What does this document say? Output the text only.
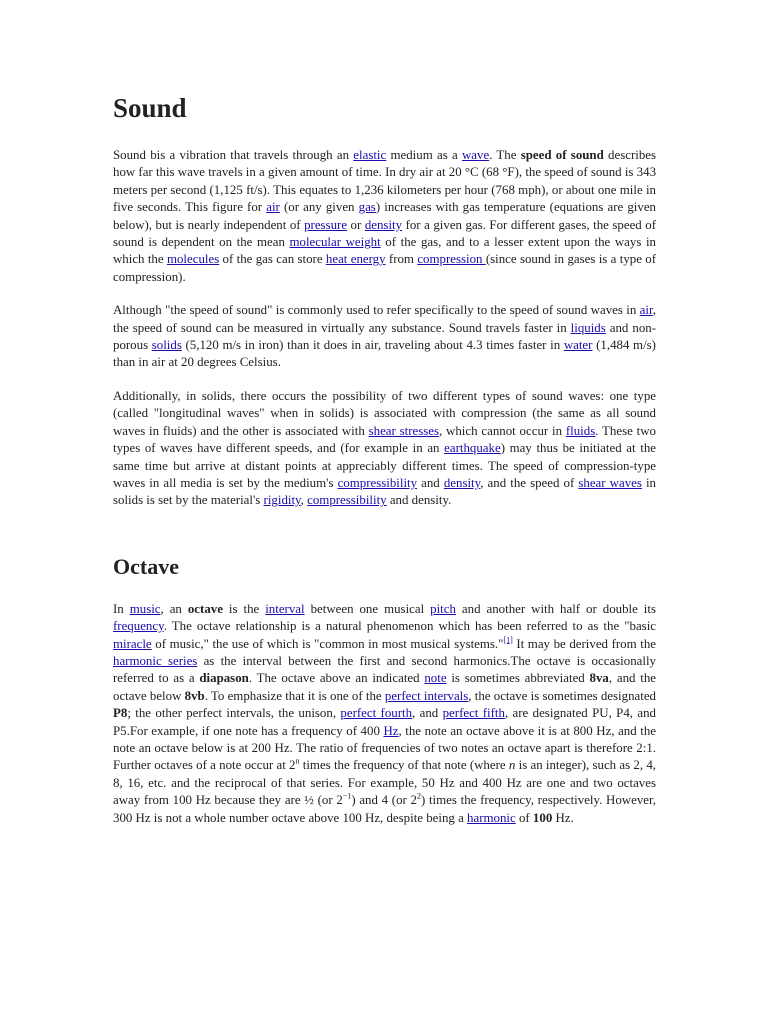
Sound

Sound bis a vibration that travels through an elastic medium as a wave. The speed of sound describes how far this wave travels in a given amount of time. In dry air at 20 °C (68 °F), the speed of sound is 343 meters per second (1,125 ft/s). This equates to 1,236 kilometers per hour (768 mph), or about one mile in five seconds. This figure for air (or any given gas) increases with gas temperature (equations are given below), but is nearly independent of pressure or density for a given gas. For different gases, the speed of sound is dependent on the mean molecular weight of the gas, and to a lesser extent upon the ways in which the molecules of the gas can store heat energy from compression (since sound in gases is a type of compression).

Although "the speed of sound" is commonly used to refer specifically to the speed of sound waves in air, the speed of sound can be measured in virtually any substance. Sound travels faster in liquids and non-porous solids (5,120 m/s in iron) than it does in air, traveling about 4.3 times faster in water (1,484 m/s) than in air at 20 degrees Celsius.

Additionally, in solids, there occurs the possibility of two different types of sound waves: one type (called "longitudinal waves" when in solids) is associated with compression (the same as all sound waves in fluids) and the other is associated with shear stresses, which cannot occur in fluids. These two types of waves have different speeds, and (for example in an earthquake) may thus be initiated at the same time but arrive at distant points at appreciably different times. The speed of compression-type waves in all media is set by the medium's compressibility and density, and the speed of shear waves in solids is set by the material's rigidity, compressibility and density.

Octave

In music, an octave is the interval between one musical pitch and another with half or double its frequency. The octave relationship is a natural phenomenon which has been referred to as the "basic miracle of music," the use of which is "common in most musical systems."[1] It may be derived from the harmonic series as the interval between the first and second harmonics.The octave is occasionally referred to as a diapason. The octave above an indicated note is sometimes abbreviated 8va, and the octave below 8vb. To emphasize that it is one of the perfect intervals, the octave is sometimes designated P8; the other perfect intervals, the unison, perfect fourth, and perfect fifth, are designated PU, P4, and P5.For example, if one note has a frequency of 400 Hz, the note an octave above it is at 800 Hz, and the note an octave below is at 200 Hz. The ratio of frequencies of two notes an octave apart is therefore 2:1. Further octaves of a note occur at 2$^n$ times the frequency of that note (where n is an integer), such as 2, 4, 8, 16, etc. and the reciprocal of that series. For example, 50 Hz and 400 Hz are one and two octaves away from 100 Hz because they are ½ (or $2^{-1}$) and 4 (or $2^2$) times the frequency, respectively. However, 300 Hz is not a whole number octave above 100 Hz, despite being a harmonic of 100 Hz.
